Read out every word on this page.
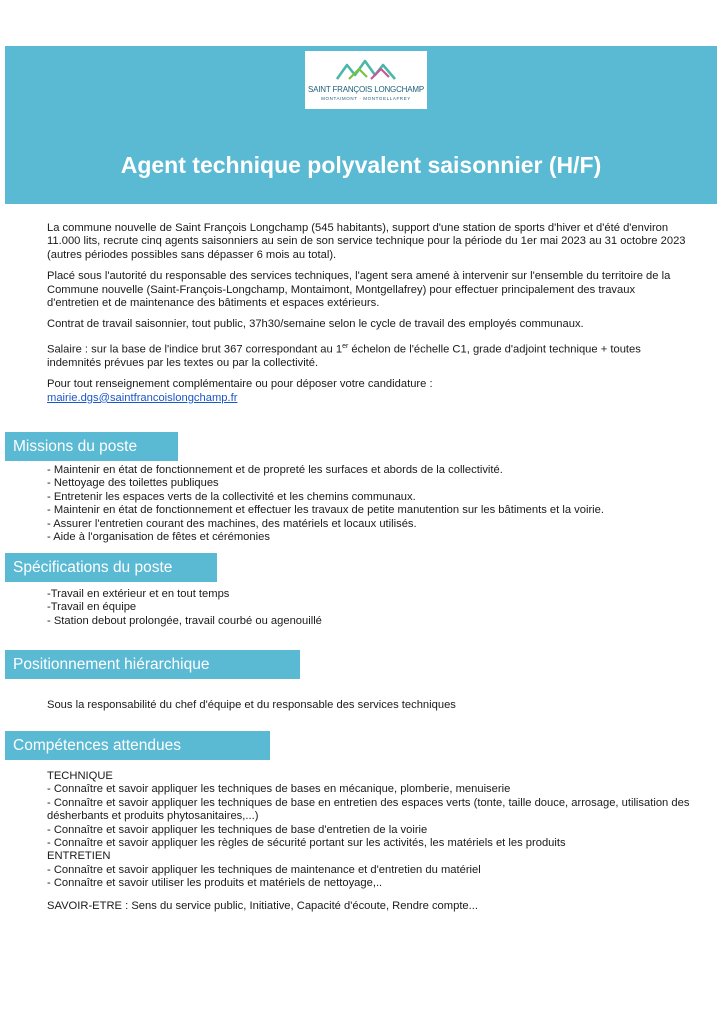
SAINT FRANÇOIS LONGCHAMP
MONTAIMONT · MONTGELLAFREY
Agent technique polyvalent saisonnier (H/F)

La commune nouvelle de Saint François Longchamp (545 habitants), support d'une station de sports d'hiver et d'été d'environ 11.000 lits, recrute cinq agents saisonniers au sein de son service technique pour la période du 1er mai 2023 au 31 octobre 2023 (autres périodes possibles sans dépasser 6 mois au total).

Placé sous l'autorité du responsable des services techniques, l'agent sera amené à intervenir sur l'ensemble du territoire de la Commune nouvelle (Saint-François-Longchamp, Montaimont, Montgellafrey) pour effectuer principalement des travaux d'entretien et de maintenance des bâtiments et espaces extérieurs.

Contrat de travail saisonnier, tout public, 37h30/semaine selon le cycle de travail des employés communaux.

Salaire : sur la base de l'indice brut 367 correspondant au 1er échelon de l'échelle C1, grade d'adjoint technique + toutes indemnités prévues par les textes ou par la collectivité.

Pour tout renseignement complémentaire ou pour déposer votre candidature :
mairie.dgs@saintfrancoislongchamp.fr

Missions du poste
- Maintenir en état de fonctionnement et de propreté les surfaces et abords de la collectivité.
- Nettoyage des toilettes publiques
- Entretenir les espaces verts de la collectivité et les chemins communaux.
- Maintenir en état de fonctionnement et effectuer les travaux de petite manutention sur les bâtiments et la voirie.
- Assurer l'entretien courant des machines, des matériels et locaux utilisés.
- Aide à l'organisation de fêtes et cérémonies
Spécifications du poste
-Travail en extérieur et en tout temps
-Travail en équipe
- Station debout prolongée, travail courbé ou agenouillé
Positionnement hiérarchique
Sous la responsabilité du chef d'équipe et du responsable des services techniques
Compétences attendues
TECHNIQUE
- Connaître et savoir appliquer les techniques de bases en mécanique, plomberie, menuiserie
- Connaître et savoir appliquer les techniques de base en entretien des espaces verts (tonte, taille douce, arrosage, utilisation des désherbants et produits phytosanitaires,...)
- Connaître et savoir appliquer les techniques de base d'entretien de la voirie
- Connaître et savoir appliquer les règles de sécurité portant sur les activités, les matériels et les produits
ENTRETIEN
- Connaître et savoir appliquer les techniques de maintenance et d'entretien du matériel
- Connaître et savoir utiliser les produits et matériels de nettoyage,..
SAVOIR-ETRE : Sens du service public, Initiative, Capacité d'écoute, Rendre compte...
